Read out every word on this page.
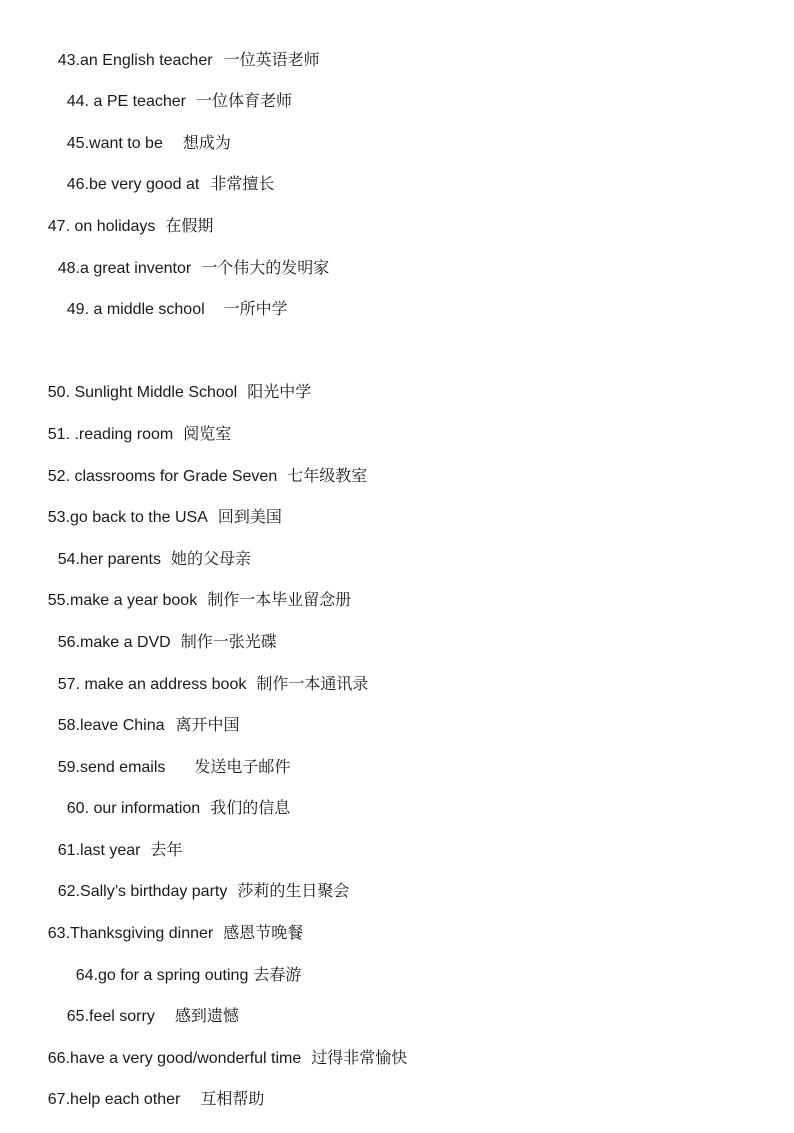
43.an English teacher 一位英语老师

44. a PE teacher 一位体育老师

45.want to be 想成为

46.be very good at 非常擅长

47. on holidays 在假期

48.a great inventor 一个伟大的发明家

49. a middle school 一所中学

50. Sunlight Middle School 阳光中学

51. .reading room 阅览室

52. classrooms for Grade Seven 七年级教室

53.go back to the USA 回到美国

54.her parents 她的父母亲

55.make a year book 制作一本毕业留念册

56.make a DVD 制作一张光碟

57. make an address book 制作一本通讯录

58.leave China 离开中国

59.send emails 发送电子邮件

60. our information 我们的信息

61.last year 去年

62.Sally’s birthday party 莎莉的生日聚会

63.Thanksgiving dinner 感恩节晚餐

64.go for a spring outing 去春游

65.feel sorry 感到遗憾

66.have a very good/wonderful time 过得非常愉快

67.help each other 互相帮助
